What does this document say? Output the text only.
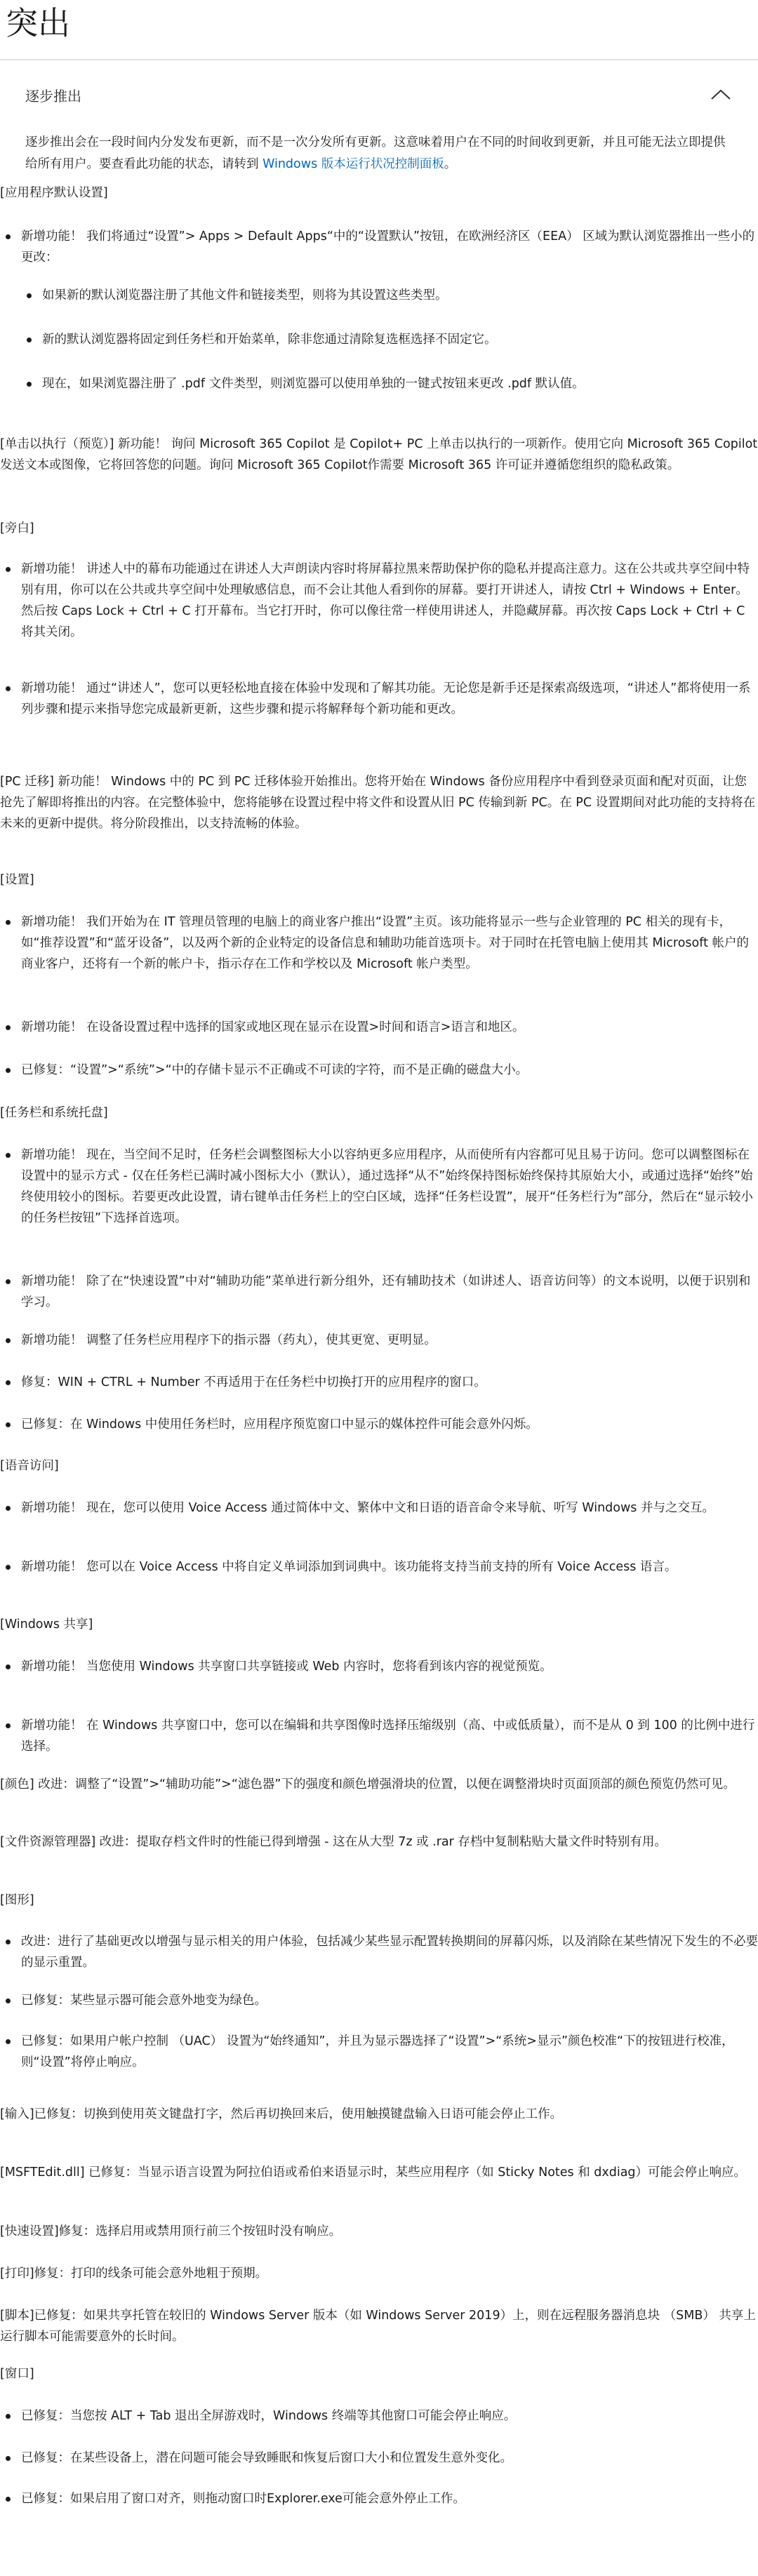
突出
逐步推出
逐步推出会在一段时间内分发发布更新，而不是一次分发所有更新。这意味着用户在不同的时间收到更新，并且可能无法立即提供给所有用户。要查看此功能的状态，请转到 Windows 版本运行状况控制面板。
[应用程序默认设置]
新增功能！ 我们将通过“设置”> Apps > Default Apps“中的“设置默认”按钮，在欧洲经济区（EEA） 区域为默认浏览器推出一些小的更改：
如果新的默认浏览器注册了其他文件和链接类型，则将为其设置这些类型。
新的默认浏览器将固定到任务栏和开始菜单，除非您通过清除复选框选择不固定它。
现在，如果浏览器注册了 .pdf 文件类型，则浏览器可以使用单独的一键式按钮来更改 .pdf 默认值。
[单击以执行（预览）] 新功能！ 询问 Microsoft 365 Copilot 是 Copilot+ PC 上单击以执行的一项新作。使用它向 Microsoft 365 Copilot 发送文本或图像，它将回答您的问题。询问 Microsoft 365 Copilot作需要 Microsoft 365 许可证并遵循您组织的隐私政策。
[旁白]
新增功能！ 讲述人中的幕布功能通过在讲述人大声朗读内容时将屏幕拉黑来帮助保护你的隐私并提高注意力。这在公共或共享空间中特别有用，你可以在公共或共享空间中处理敏感信息，而不会让其他人看到你的屏幕。要打开讲述人，请按 Ctrl + Windows + Enter。然后按 Caps Lock + Ctrl + C 打开幕布。当它打开时，你可以像往常一样使用讲述人，并隐藏屏幕。再次按 Caps Lock + Ctrl + C 将其关闭。
新增功能！ 通过“讲述人”，您可以更轻松地直接在体验中发现和了解其功能。无论您是新手还是探索高级选项，“讲述人”都将使用一系列步骤和提示来指导您完成最新更新，这些步骤和提示将解释每个新功能和更改。
[PC 迁移] 新功能！ Windows 中的 PC 到 PC 迁移体验开始推出。您将开始在 Windows 备份应用程序中看到登录页面和配对页面，让您抢先了解即将推出的内容。在完整体验中，您将能够在设置过程中将文件和设置从旧 PC 传输到新 PC。在 PC 设置期间对此功能的支持将在未来的更新中提供。将分阶段推出，以支持流畅的体验。
[设置]
新增功能！ 我们开始为在 IT 管理员管理的电脑上的商业客户推出“设置”主页。该功能将显示一些与企业管理的 PC 相关的现有卡，如“推荐设置”和“蓝牙设备”，以及两个新的企业特定的设备信息和辅助功能首选项卡。对于同时在托管电脑上使用其 Microsoft 帐户的商业客户，还将有一个新的帐户卡，指示存在工作和学校以及 Microsoft 帐户类型。
新增功能！ 在设备设置过程中选择的国家或地区现在显示在设置>时间和语言>语言和地区。
已修复：“设置”>“系统”>“中的存储卡显示不正确或不可读的字符，而不是正确的磁盘大小。
[任务栏和系统托盘]
新增功能！ 现在，当空间不足时，任务栏会调整图标大小以容纳更多应用程序，从而使所有内容都可见且易于访问。您可以调整图标在设置中的显示方式 - 仅在任务栏已满时减小图标大小（默认），通过选择“从不”始终保持图标始终保持其原始大小，或通过选择“始终”始终使用较小的图标。若要更改此设置，请右键单击任务栏上的空白区域，选择“任务栏设置”，展开“任务栏行为”部分，然后在“显示较小的任务栏按钮”下选择首选项。
新增功能！ 除了在“快速设置”中对“辅助功能”菜单进行新分组外，还有辅助技术（如讲述人、语音访问等）的文本说明，以便于识别和学习。
新增功能！ 调整了任务栏应用程序下的指示器（药丸），使其更宽、更明显。
修复：WIN + CTRL + Number 不再适用于在任务栏中切换打开的应用程序的窗口。
已修复：在 Windows 中使用任务栏时，应用程序预览窗口中显示的媒体控件可能会意外闪烁。
[语音访问]
新增功能！ 现在，您可以使用 Voice Access 通过简体中文、繁体中文和日语的语音命令来导航、听写 Windows 并与之交互。
新增功能！ 您可以在 Voice Access 中将自定义单词添加到词典中。该功能将支持当前支持的所有 Voice Access 语言。
[Windows 共享]
新增功能！ 当您使用 Windows 共享窗口共享链接或 Web 内容时，您将看到该内容的视觉预览。
新增功能！ 在 Windows 共享窗口中，您可以在编辑和共享图像时选择压缩级别（高、中或低质量），而不是从 0 到 100 的比例中进行选择。
[颜色] 改进：调整了“设置”>“辅助功能”>“滤色器”下的强度和颜色增强滑块的位置，以便在调整滑块时页面顶部的颜色预览仍然可见。
[文件资源管理器] 改进：提取存档文件时的性能已得到增强 - 这在从大型 7z 或 .rar 存档中复制粘贴大量文件时特别有用。
[图形]
改进：进行了基础更改以增强与显示相关的用户体验，包括减少某些显示配置转换期间的屏幕闪烁，以及消除在某些情况下发生的不必要的显示重置。
已修复：某些显示器可能会意外地变为绿色。
已修复：如果用户帐户控制 （UAC） 设置为“始终通知”，并且为显示器选择了“设置”>“系统>显示”颜色校准“下的按钮进行校准，则“设置”将停止响应。
[输入]已修复：切换到使用英文键盘打字，然后再切换回来后，使用触摸键盘输入日语可能会停止工作。
[MSFTEdit.dll] 已修复：当显示语言设置为阿拉伯语或希伯来语显示时，某些应用程序（如 Sticky Notes 和 dxdiag）可能会停止响应。
[快速设置]修复：选择启用或禁用顶行前三个按钮时没有响应。
[打印]修复：打印的线条可能会意外地粗于预期。
[脚本]已修复：如果共享托管在较旧的 Windows Server 版本（如 Windows Server 2019）上，则在远程服务器消息块 （SMB） 共享上运行脚本可能需要意外的长时间。
[窗口]
已修复：当您按 ALT + Tab 退出全屏游戏时，Windows 终端等其他窗口可能会停止响应。
已修复：在某些设备上，潜在问题可能会导致睡眠和恢复后窗口大小和位置发生意外变化。
已修复：如果启用了窗口对齐，则拖动窗口时Explorer.exe可能会意外停止工作。
